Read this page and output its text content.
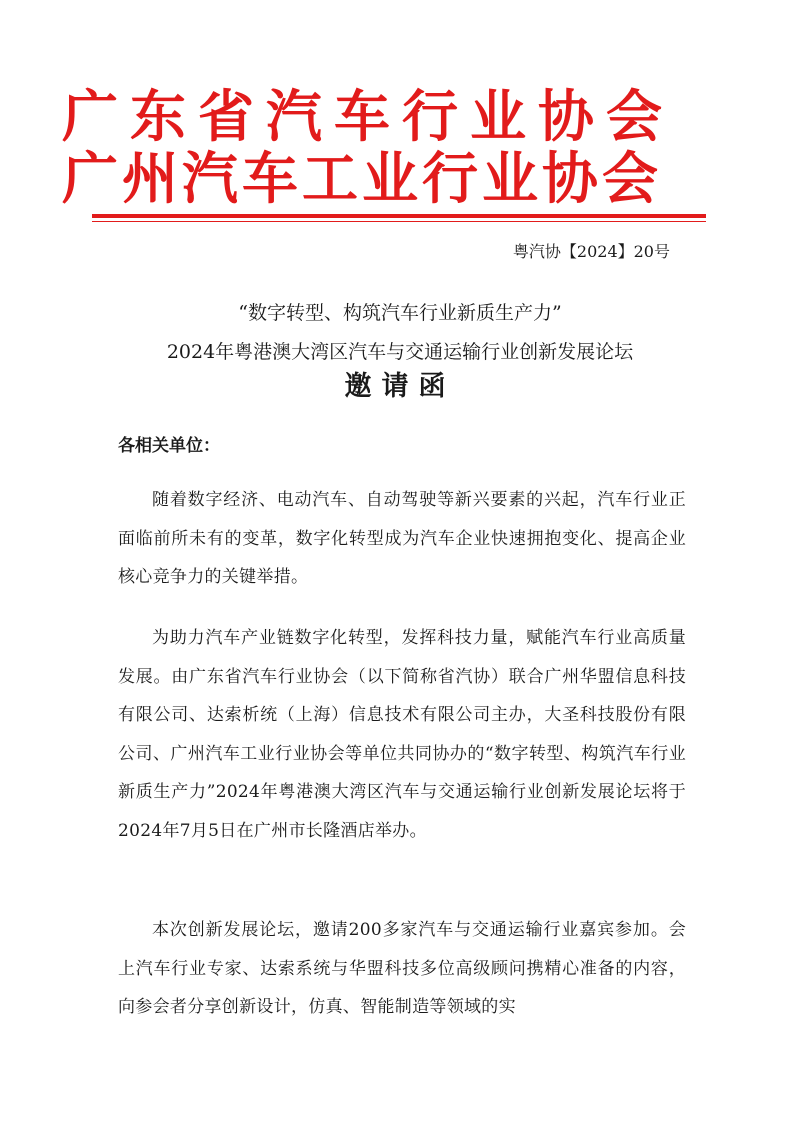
广东省汽车行业协会
广州汽车工业行业协会
粤汽协【2024】20号
“数字转型、构筑汽车行业新质生产力”
2024年粤港澳大湾区汽车与交通运输行业创新发展论坛
邀请函
各相关单位：

随着数字经济、电动汽车、自动驾驶等新兴要素的兴起，汽车行业正面临前所未有的变革，数字化转型成为汽车企业快速拥抱变化、提高企业核心竞争力的关键举措。

为助力汽车产业链数字化转型，发挥科技力量，赋能汽车行业高质量发展。由广东省汽车行业协会（以下简称省汽协）联合广州华盟信息科技有限公司、达索析统（上海）信息技术有限公司主办，大圣科技股份有限公司、广州汽车工业行业协会等单位共同协办的“数字转型、构筑汽车行业新质生产力”2024年粤港澳大湾区汽车与交通运输行业创新发展论坛将于2024年7月5日在广州市长隆酒店举办。

本次创新发展论坛，邀请200多家汽车与交通运输行业嘉宾参加。会上汽车行业专家、达索系统与华盟科技多位高级顾问携精心准备的内容，向参会者分享创新设计，仿真、智能制造等领域的实
